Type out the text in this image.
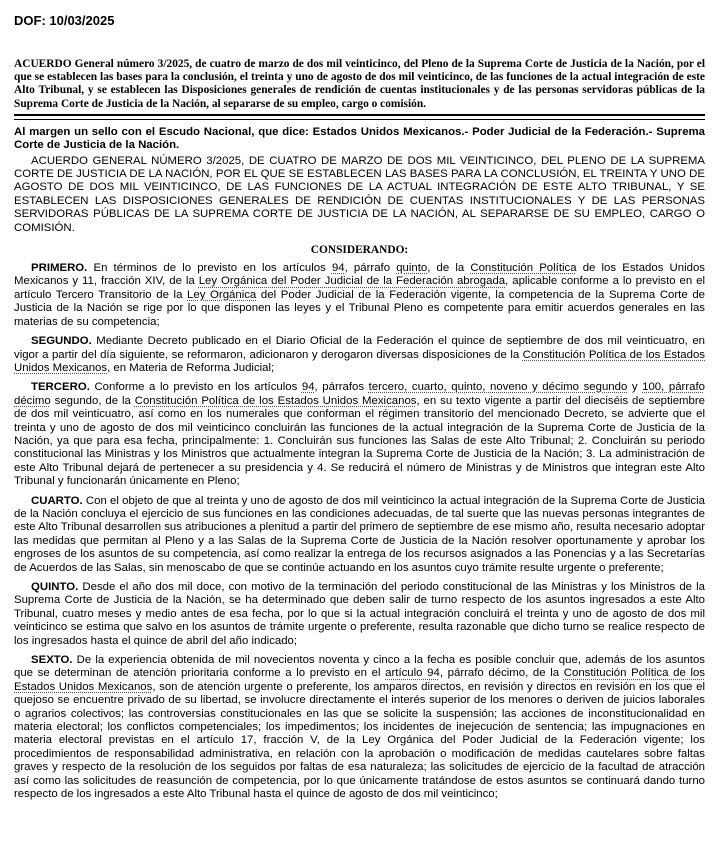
DOF: 10/03/2025

ACUERDO General número 3/2025, de cuatro de marzo de dos mil veinticinco, del Pleno de la Suprema Corte de Justicia de la Nación, por el que se establecen las bases para la conclusión, el treinta y uno de agosto de dos mil veinticinco, de las funciones de la actual integración de este Alto Tribunal, y se establecen las Disposiciones generales de rendición de cuentas institucionales y de las personas servidoras públicas de la Suprema Corte de Justicia de la Nación, al separarse de su empleo, cargo o comisión.

Al margen un sello con el Escudo Nacional, que dice: Estados Unidos Mexicanos.- Poder Judicial de la Federación.- Suprema Corte de Justicia de la Nación.

ACUERDO GENERAL NÚMERO 3/2025, DE CUATRO DE MARZO DE DOS MIL VEINTICINCO, DEL PLENO DE LA SUPREMA CORTE DE JUSTICIA DE LA NACIÓN, POR EL QUE SE ESTABLECEN LAS BASES PARA LA CONCLUSIÓN, EL TREINTA Y UNO DE AGOSTO DE DOS MIL VEINTICINCO, DE LAS FUNCIONES DE LA ACTUAL INTEGRACIÓN DE ESTE ALTO TRIBUNAL, Y SE ESTABLECEN LAS DISPOSICIONES GENERALES DE RENDICIÓN DE CUENTAS INSTITUCIONALES Y DE LAS PERSONAS SERVIDORAS PÚBLICAS DE LA SUPREMA CORTE DE JUSTICIA DE LA NACIÓN, AL SEPARARSE DE SU EMPLEO, CARGO O COMISIÓN.

CONSIDERANDO:

PRIMERO. En términos de lo previsto en los artículos 94, párrafo quinto, de la Constitución Política de los Estados Unidos Mexicanos y 11, fracción XIV, de la Ley Orgánica del Poder Judicial de la Federación abrogada, aplicable conforme a lo previsto en el artículo Tercero Transitorio de la Ley Orgánica del Poder Judicial de la Federación vigente, la competencia de la Suprema Corte de Justicia de la Nación se rige por lo que disponen las leyes y el Tribunal Pleno es competente para emitir acuerdos generales en las materias de su competencia;

SEGUNDO. Mediante Decreto publicado en el Diario Oficial de la Federación el quince de septiembre de dos mil veinticuatro, en vigor a partir del día siguiente, se reformaron, adicionaron y derogaron diversas disposiciones de la Constitución Política de los Estados Unidos Mexicanos, en Materia de Reforma Judicial;

TERCERO. Conforme a lo previsto en los artículos 94, párrafos tercero, cuarto, quinto, noveno y décimo segundo y 100, párrafo décimo segundo, de la Constitución Política de los Estados Unidos Mexicanos, en su texto vigente a partir del dieciséis de septiembre de dos mil veinticuatro, así como en los numerales que conforman el régimen transitorio del mencionado Decreto, se advierte que el treinta y uno de agosto de dos mil veinticinco concluirán las funciones de la actual integración de la Suprema Corte de Justicia de la Nación, ya que para esa fecha, principalmente: 1. Concluirán sus funciones las Salas de este Alto Tribunal; 2. Concluirán su periodo constitucional las Ministras y los Ministros que actualmente integran la Suprema Corte de Justicia de la Nación; 3. La administración de este Alto Tribunal dejará de pertenecer a su presidencia y 4. Se reducirá el número de Ministras y de Ministros que integran este Alto Tribunal y funcionarán únicamente en Pleno;

CUARTO. Con el objeto de que al treinta y uno de agosto de dos mil veinticinco la actual integración de la Suprema Corte de Justicia de la Nación concluya el ejercicio de sus funciones en las condiciones adecuadas, de tal suerte que las nuevas personas integrantes de este Alto Tribunal desarrollen sus atribuciones a plenitud a partir del primero de septiembre de ese mismo año, resulta necesario adoptar las medidas que permitan al Pleno y a las Salas de la Suprema Corte de Justicia de la Nación resolver oportunamente y aprobar los engroses de los asuntos de su competencia, así como realizar la entrega de los recursos asignados a las Ponencias y a las Secretarías de Acuerdos de las Salas, sin menoscabo de que se continúe actuando en los asuntos cuyo trámite resulte urgente o preferente;

QUINTO. Desde el año dos mil doce, con motivo de la terminación del periodo constitucional de las Ministras y los Ministros de la Suprema Corte de Justicia de la Nación, se ha determinado que deben salir de turno respecto de los asuntos ingresados a este Alto Tribunal, cuatro meses y medio antes de esa fecha, por lo que si la actual integración concluirá el treinta y uno de agosto de dos mil veinticinco se estima que salvo en los asuntos de trámite urgente o preferente, resulta razonable que dicho turno se realice respecto de los ingresados hasta el quince de abril del año indicado;

SEXTO. De la experiencia obtenida de mil novecientos noventa y cinco a la fecha es posible concluir que, además de los asuntos que se determinan de atención prioritaria conforme a lo previsto en el artículo 94, párrafo décimo, de la Constitución Política de los Estados Unidos Mexicanos, son de atención urgente o preferente, los amparos directos, en revisión y directos en revisión en los que el quejoso se encuentre privado de su libertad, se involucre directamente el interés superior de los menores o deriven de juicios laborales o agrarios colectivos; las controversias constitucionales en las que se solicite la suspensión; las acciones de inconstitucionalidad en materia electoral; los conflictos competenciales; los impedimentos; los incidentes de inejecución de sentencia; las impugnaciones en materia electoral previstas en el artículo 17, fracción V, de la Ley Orgánica del Poder Judicial de la Federación vigente; los procedimientos de responsabilidad administrativa, en relación con la aprobación o modificación de medidas cautelares sobre faltas graves y respecto de la resolución de los seguidos por faltas de esa naturaleza; las solicitudes de ejercicio de la facultad de atracción así como las solicitudes de reasunción de competencia, por lo que únicamente tratándose de estos asuntos se continuará dando turno respecto de los ingresados a este Alto Tribunal hasta el quince de agosto de dos mil veinticinco;
